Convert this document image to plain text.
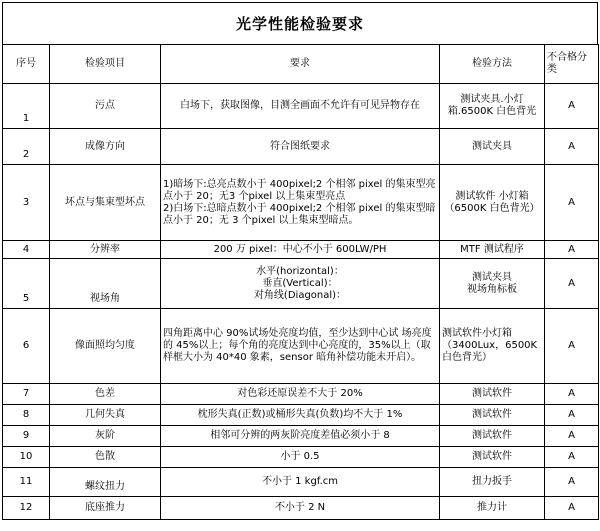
光学性能检验要求
序号	检验项目	要求	检验方法	不合格分类
1	污点	白场下，获取图像，目测全画面不允许有可见异物存在	测试夹具.小灯箱.6500K 白色背光	A
2	成像方向	符合图纸要求	测试夹具	A
3	坏点与集束型坏点	1)暗场下:总亮点数小于 400pixel;2 个相邻 pixel 的集束型亮点小于 20；无3 个pixel 以上集束型亮点
2)白场下:总暗点数小于 400pixel;2 个相邻 pixel 的集束型暗点小于 20；无 3 个pixel 以上集束型暗点。	测试软件 小灯箱（6500K 白色背光）	A
4	分辨率	200 万 pixel：中心不小于 600LW/PH	MTF 测试程序	A
5	视场角	水平(horizontal)：
垂直(Vertical)：
对角线(Diagonal)：	测试夹具
视场角标板	A
6	像面照均匀度	四角距离中心 90%试场处亮度均值，至少达到中心试 场亮度的 45%以上；每个角的亮度达到中心亮度的，35%以上（取样框大小为 40*40 象素，sensor 暗角补偿功能未开启）。	测试软件小灯箱（3400Lux，6500K 白色背光）	A
7	色差	对色彩还原误差不大于 20%	测试软件	A
8	几何失真	枕形失真(正数)或桶形失真(负数)均不大于 1%	测试软件	A
9	灰阶	相邻可分辨的两灰阶亮度差值必须小于 8	测试软件	A
10	色散	小于 0.5	测试软件	A
11	螺纹扭力	不小于 1 kgf.cm	扭力扳手	A
12	底座推力	不小于 2 N	推力计	A
